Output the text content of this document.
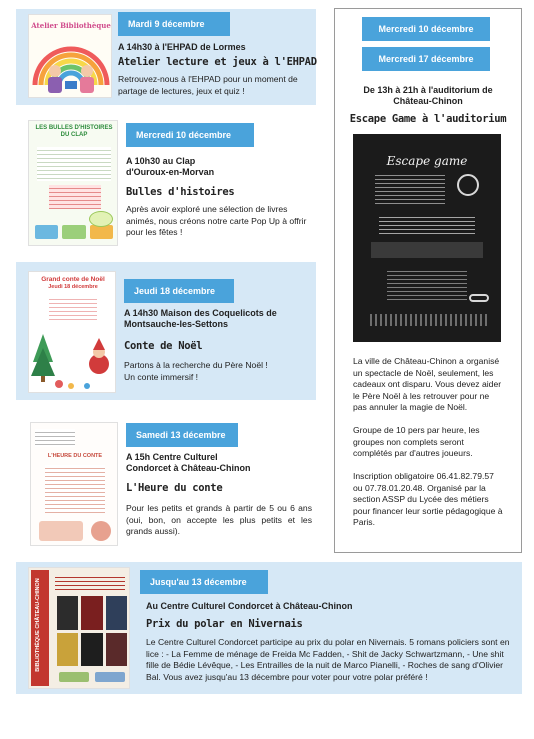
Atelier Bibliothèque	Mardi 9 décembre
A 14h30 à l'EHPAD de Lormes
Atelier lecture et jeux à l'EHPAD
Retrouvez-nous à l'EHPAD pour un moment de partage de lectures, jeux et quiz !
LES BULLES D'HISTOIRES DU CLAP	Mercredi 10 décembre
A 10h30 au Clap
d'Ouroux-en-Morvan
Bulles d'histoires
Après avoir exploré une sélection de livres animés, nous créons notre carte Pop Up à offrir pour les fêtes !
Grand conte de Noël
Jeudi 18 décembre	Jeudi 18 décembre
A 14h30 Maison des Coquelicots de
Montsauche-les-Settons
Conte de Noël
Partons à la recherche du Père Noël !
Un conte immersif !
L'HEURE DU CONTE
Samedi 13 décembre
A 15h Centre Culturel
Condorcet à Château-Chinon
L'Heure du conte
Pour les petits et grands à partir de 5 ou 6 ans (oui, bon, on accepte les plus petits et les grands aussi).
Mercredi 10 décembre
Mercredi 17 décembre
De 13h à 21h à l'auditorium de
Château-Chinon
Escape Game à l'auditorium
Escape game
La ville de Château-Chinon a organisé un spectacle de Noël, seulement, les cadeaux ont disparu. Vous devez aider le Père Noël à les retrouver pour ne pas annuler la magie de Noël.
Groupe de 10 pers par heure, les groupes non complets seront complétés par d'autres joueurs.
Inscription obligatoire 06.41.82.79.57 ou 07.78.01.20.48. Organisé par la section ASSP du Lycée des métiers pour financer leur sortie pédagogique à Paris.
BIBLIOTHÈQUE CHÂTEAU-CHINON	Jusqu'au 13 décembre
Au Centre Culturel Condorcet à Château-Chinon
Prix du polar en Nivernais
Le Centre Culturel Condorcet participe au prix du polar en Nivernais. 5 romans policiers sont en lice : - La Femme de ménage de Freida Mc Fadden, - Shit de Jacky Schwartzmann, - Une shit fille de Bédie Lévêque, - Les Entrailles de la nuit de Marco Pianelli, - Roches de sang d'Olivier Bal. Vous avez jusqu'au 13 décembre pour voter pour votre polar préféré !
